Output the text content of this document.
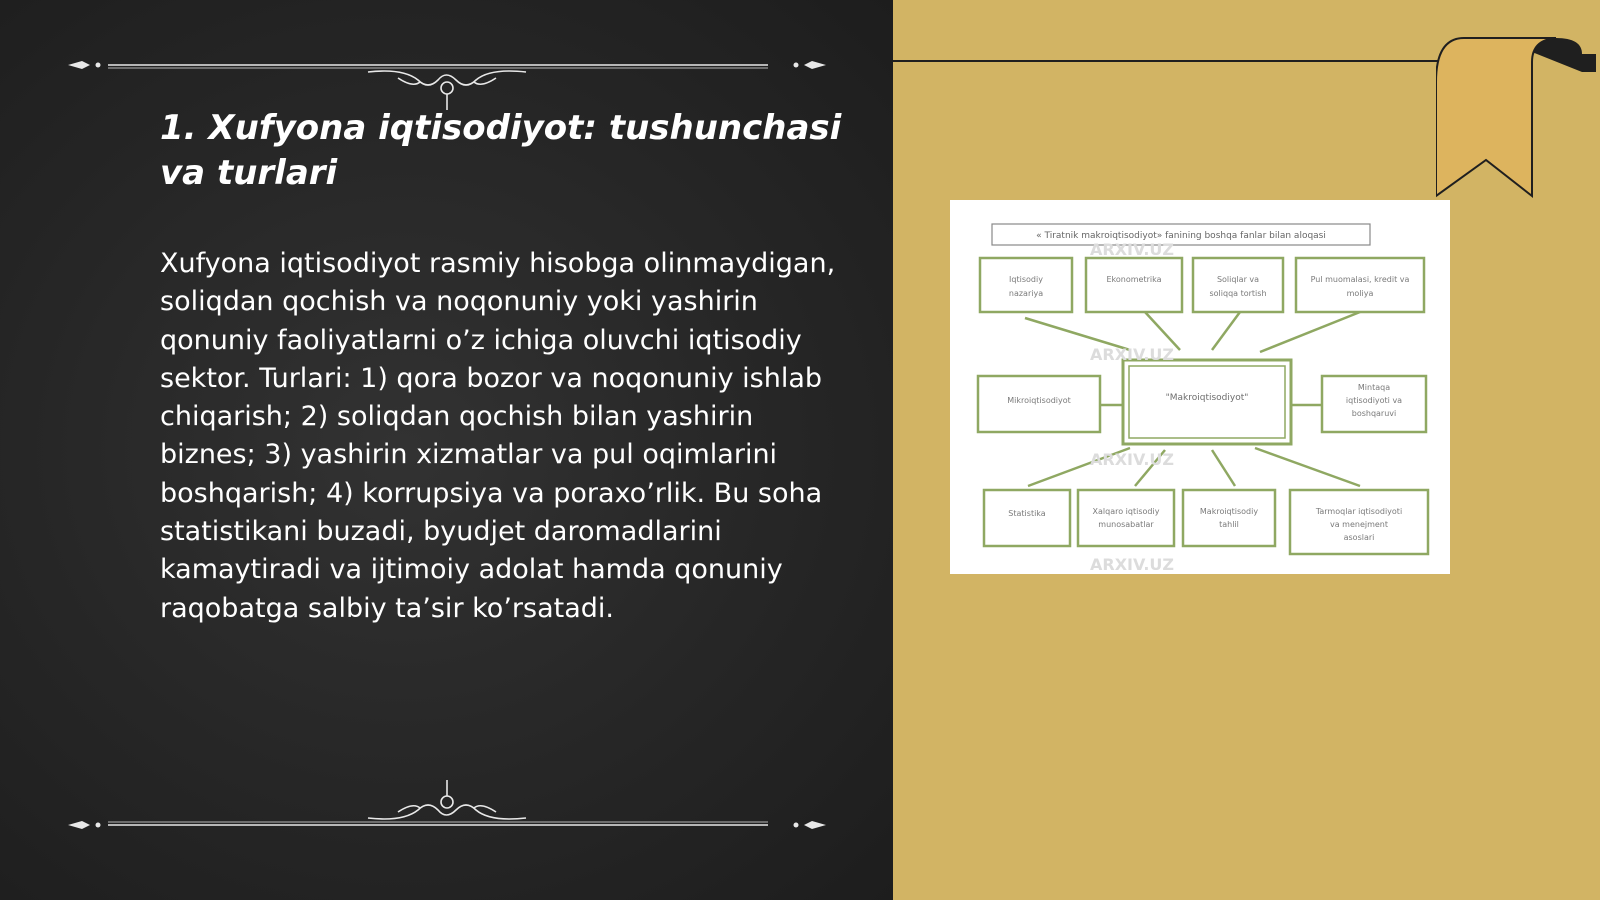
1. Xufyona iqtisodiyot: tushunchasi va turlari

Xufyona iqtisodiyot rasmiy hisobga olinmaydigan, soliqdan qochish va noqonuniy yoki yashirin qonuniy faoliyatlarni o’z ichiga oluvchi iqtisodiy sektor. Turlari: 1) qora bozor va noqonuniy ishlab chiqarish; 2) soliqdan qochish bilan yashirin biznes; 3) yashirin xizmatlar va pul oqimlarini boshqarish; 4) korrupsiya va poraxo’rlik. Bu soha statistikani buzadi, byudjet daromadlarini kamaytiradi va ijtimoiy adolat hamda qonuniy raqobatga salbiy ta’sir ko’rsatadi.

ARXIV.UZ
ARXIV.UZ
ARXIV.UZ
ARXIV.UZ
« Tiratnik makroiqtisodiyot» fanining boshqa fanlar bilan aloqasi
"Makroiqtisodiyot"
Iqtisodiy
nazariya
Ekonometrika	Soliqlar va
soliqqa tortish
Pul muomalasi, kredit va
moliya
Mikroiqtisodiyot
Mintaqa
iqtisodiyoti va
boshqaruvi
Statistika	Xalqaro iqtisodiy
munosabatlar
Makroiqtisodiy
tahlil
Tarmoqlar iqtisodiyoti
va menejment
asoslari
